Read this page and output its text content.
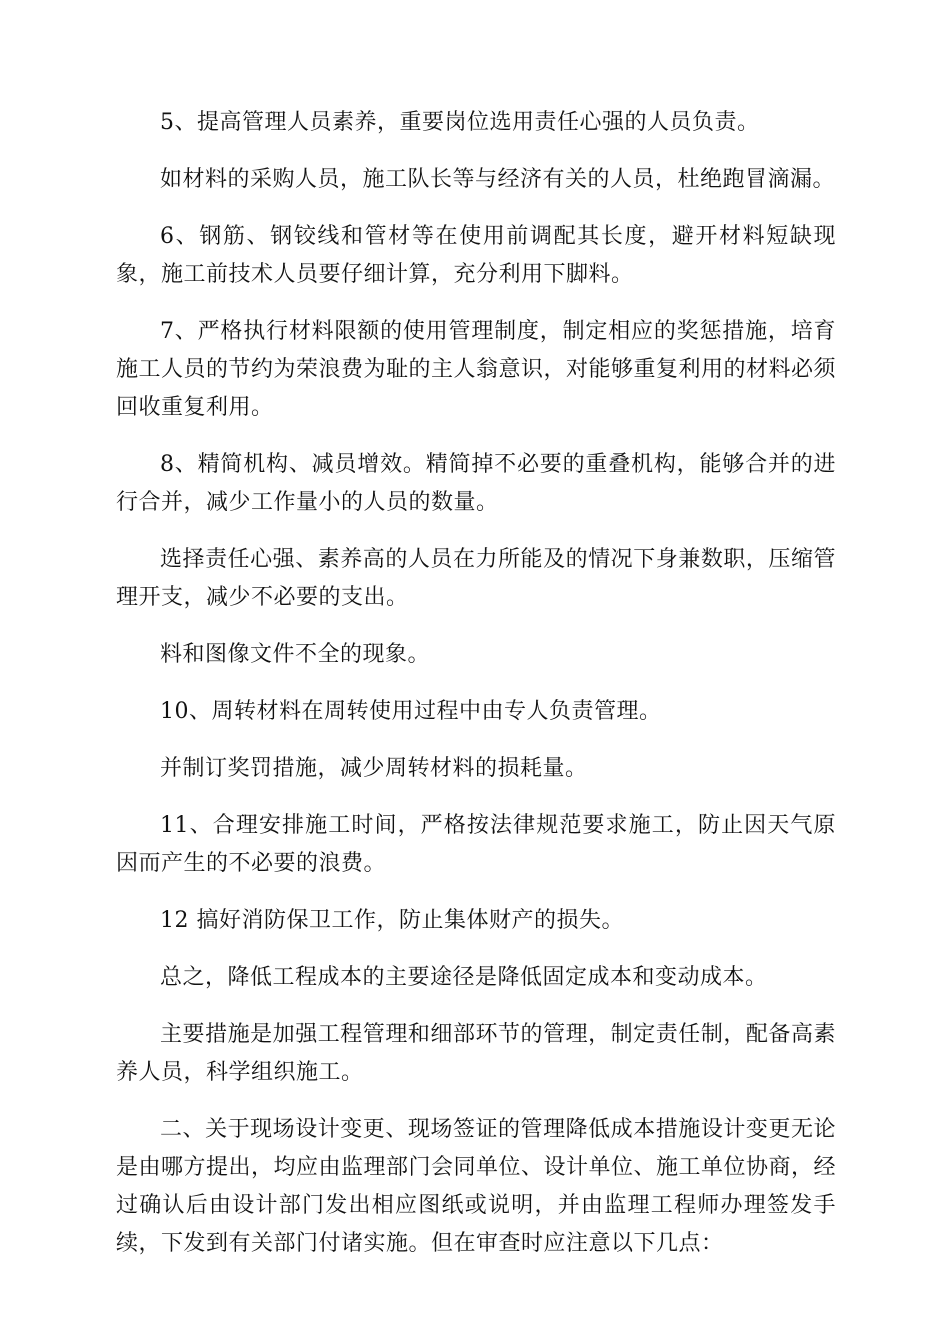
5、提高管理人员素养，重要岗位选用责任心强的人员负责。

如材料的采购人员，施工队长等与经济有关的人员，杜绝跑冒滴漏。

6、钢筋、钢铰线和管材等在使用前调配其长度，避开材料短缺现象，施工前技术人员要仔细计算，充分利用下脚料。

7、严格执行材料限额的使用管理制度，制定相应的奖惩措施，培育施工人员的节约为荣浪费为耻的主人翁意识，对能够重复利用的材料必须回收重复利用。

8、精简机构、减员增效。精简掉不必要的重叠机构，能够合并的进行合并，减少工作量小的人员的数量。

选择责任心强、素养高的人员在力所能及的情况下身兼数职，压缩管理开支，减少不必要的支出。

料和图像文件不全的现象。

10、周转材料在周转使用过程中由专人负责管理。

并制订奖罚措施，减少周转材料的损耗量。

11、合理安排施工时间，严格按法律规范要求施工，防止因天气原因而产生的不必要的浪费。

12 搞好消防保卫工作，防止集体财产的损失。

总之，降低工程成本的主要途径是降低固定成本和变动成本。

主要措施是加强工程管理和细部环节的管理，制定责任制，配备高素养人员，科学组织施工。

二、关于现场设计变更、现场签证的管理降低成本措施设计变更无论是由哪方提出，均应由监理部门会同单位、设计单位、施工单位协商，经过确认后由设计部门发出相应图纸或说明，并由监理工程师办理签发手续，下发到有关部门付诸实施。但在审查时应注意以下几点：
